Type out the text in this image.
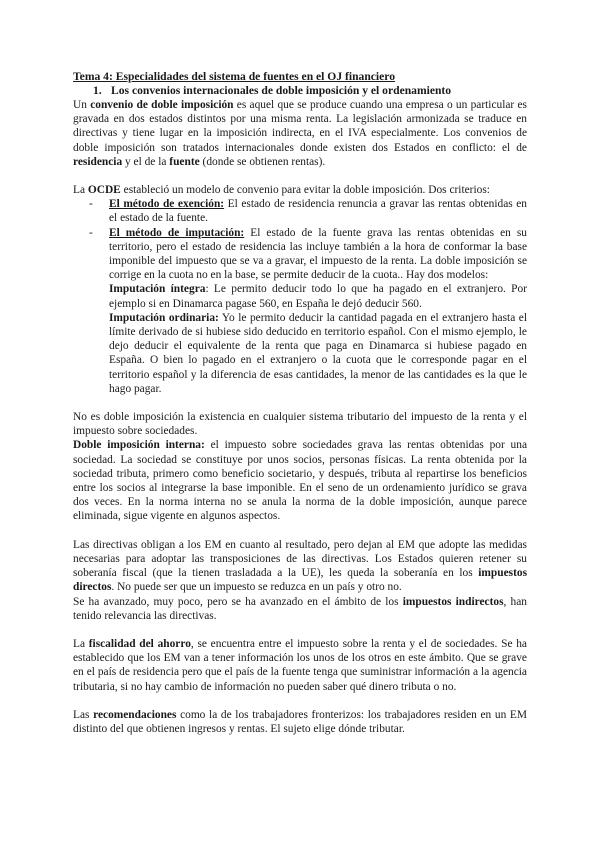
Tema 4: Especialidades del sistema de fuentes en el OJ financiero

1. Los convenios internacionales de doble imposición y el ordenamiento

Un convenio de doble imposición es aquel que se produce cuando una empresa o un particular es gravada en dos estados distintos por una misma renta. La legislación armonizada se traduce en directivas y tiene lugar en la imposición indirecta, en el IVA especialmente. Los convenios de doble imposición son tratados internacionales donde existen dos Estados en conflicto: el de residencia y el de la fuente (donde se obtienen rentas).

La OCDE estableció un modelo de convenio para evitar la doble imposición. Dos criterios:

- El método de exención: El estado de residencia renuncia a gravar las rentas obtenidas en el estado de la fuente.
- El método de imputación: El estado de la fuente grava las rentas obtenidas en su territorio, pero el estado de residencia las incluye también a la hora de conformar la base imponible del impuesto que se va a gravar, el impuesto de la renta. La doble imposición se corrige en la cuota no en la base, se permite deducir de la cuota.. Hay dos modelos:
Imputación íntegra: Le permito deducir todo lo que ha pagado en el extranjero. Por ejemplo si en Dinamarca pagase 560, en España le dejó deducir 560.
Imputación ordinaria: Yo le permito deducir la cantidad pagada en el extranjero hasta el límite derivado de si hubiese sido deducido en territorio español. Con el mismo ejemplo, le dejo deducir el equivalente de la renta que paga en Dinamarca si hubiese pagado en España. O bien lo pagado en el extranjero o la cuota que le corresponde pagar en el territorio español y la diferencia de esas cantidades, la menor de las cantidades es la que le hago pagar.

No es doble imposición la existencia en cualquier sistema tributario del impuesto de la renta y el impuesto sobre sociedades.

Doble imposición interna: el impuesto sobre sociedades grava las rentas obtenidas por una sociedad. La sociedad se constituye por unos socios, personas físicas. La renta obtenida por la sociedad tributa, primero como beneficio societario, y después, tributa al repartirse los beneficios entre los socios al integrarse la base imponible. En el seno de un ordenamiento jurídico se grava dos veces. En la norma interna no se anula la norma de la doble imposición, aunque parece eliminada, sigue vigente en algunos aspectos.

Las directivas obligan a los EM en cuanto al resultado, pero dejan al EM que adopte las medidas necesarias para adoptar las transposiciones de las directivas. Los Estados quieren retener su soberanía fiscal (que la tienen trasladada a la UE), les queda la soberanía en los impuestos directos. No puede ser que un impuesto se reduzca en un país y otro no.

Se ha avanzado, muy poco, pero se ha avanzado en el ámbito de los impuestos indirectos, han tenido relevancia las directivas.

La fiscalidad del ahorro, se encuentra entre el impuesto sobre la renta y el de sociedades. Se ha establecido que los EM van a tener información los unos de los otros en este ámbito. Que se grave en el país de residencia pero que el país de la fuente tenga que suministrar información a la agencia tributaria, si no hay cambio de información no pueden saber qué dinero tributa o no.

Las recomendaciones como la de los trabajadores fronterizos: los trabajadores residen en un EM distinto del que obtienen ingresos y rentas. El sujeto elige dónde tributar.
